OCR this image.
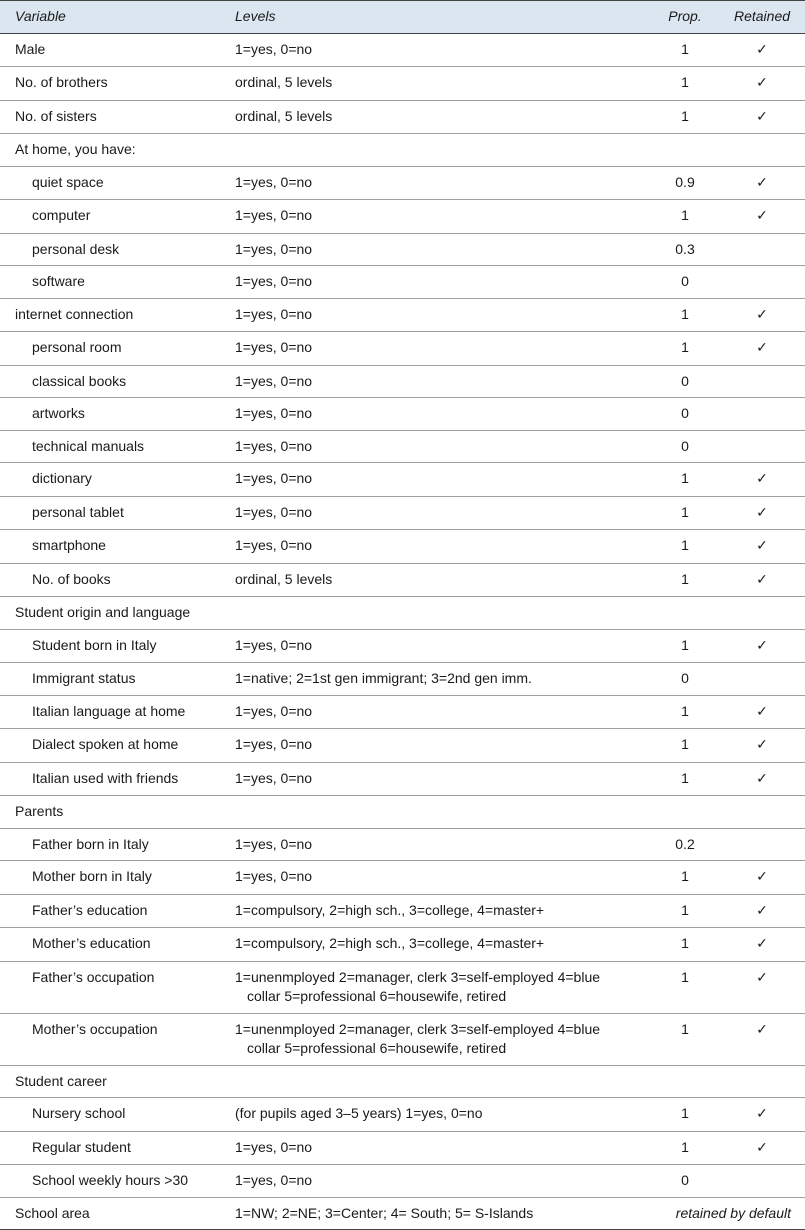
Variable	Levels	Prop.	Retained
Male	1=yes, 0=no	1	✓
No. of brothers	ordinal, 5 levels	1	✓
No. of sisters	ordinal, 5 levels	1	✓
At home, you have:			
quiet space	1=yes, 0=no	0.9	✓
computer	1=yes, 0=no	1	✓
personal desk	1=yes, 0=no	0.3	
software	1=yes, 0=no	0	
internet connection	1=yes, 0=no	1	✓
personal room	1=yes, 0=no	1	✓
classical books	1=yes, 0=no	0	
artworks	1=yes, 0=no	0	
technical manuals	1=yes, 0=no	0	
dictionary	1=yes, 0=no	1	✓
personal tablet	1=yes, 0=no	1	✓
smartphone	1=yes, 0=no	1	✓
No. of books	ordinal, 5 levels	1	✓
Student origin and language			
Student born in Italy	1=yes, 0=no	1	✓
Immigrant status	1=native; 2=1st gen immigrant; 3=2nd gen imm.	0	
Italian language at home	1=yes, 0=no	1	✓
Dialect spoken at home	1=yes, 0=no	1	✓
Italian used with friends	1=yes, 0=no	1	✓
Parents			
Father born in Italy	1=yes, 0=no	0.2	
Mother born in Italy	1=yes, 0=no	1	✓
Father’s education	1=compulsory, 2=high sch., 3=college, 4=master+	1	✓
Mother’s education	1=compulsory, 2=high sch., 3=college, 4=master+	1	✓
Father’s occupation	1=unenmployed 2=manager, clerk 3=self-employed 4=blue collar 5=professional 6=housewife, retired	1	✓
Mother’s occupation	1=unenmployed 2=manager, clerk 3=self-employed 4=blue collar 5=professional 6=housewife, retired	1	✓
Student career			
Nursery school	(for pupils aged 3–5 years) 1=yes, 0=no	1	✓
Regular student	1=yes, 0=no	1	✓
School weekly hours >30	1=yes, 0=no	0	
School area	1=NW; 2=NE; 3=Center; 4= South; 5= S-Islands	retained by default	
